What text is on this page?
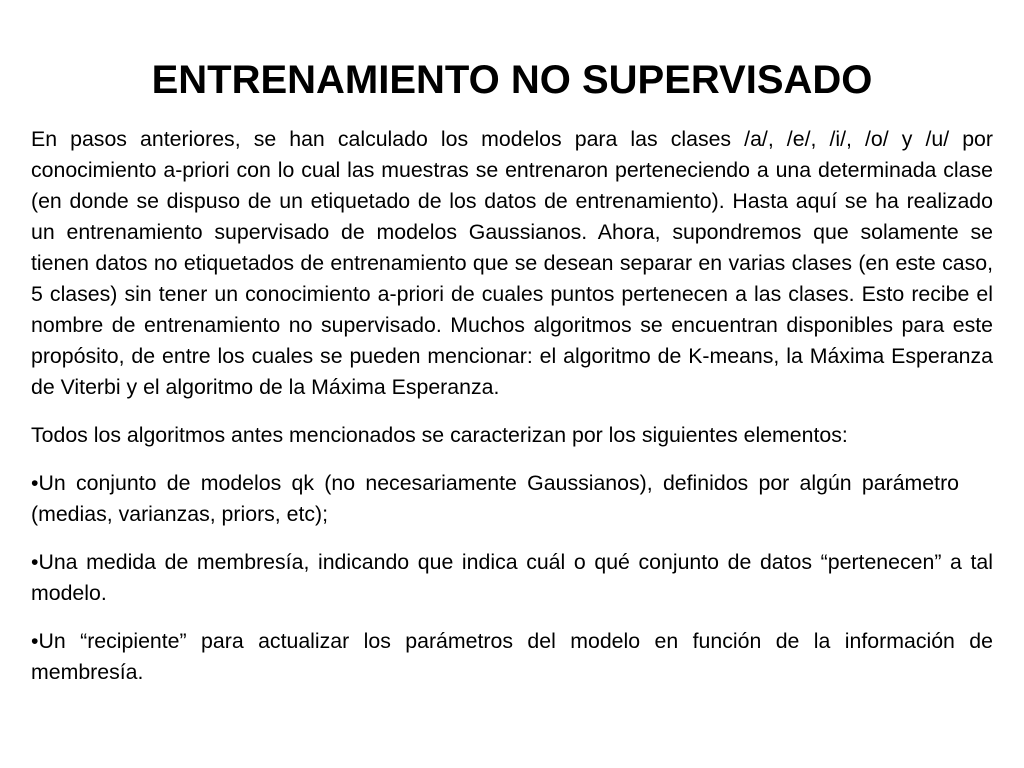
ENTRENAMIENTO NO SUPERVISADO

En pasos anteriores, se han calculado los modelos para las clases /a/, /e/, /i/, /o/ y /u/ por conocimiento a-priori con lo cual las muestras se entrenaron perteneciendo a una determinada clase (en donde se dispuso de un etiquetado de los datos de entrenamiento). Hasta aquí se ha realizado un entrenamiento supervisado de modelos Gaussianos. Ahora, supondremos que solamente se tienen datos no etiquetados de entrenamiento que se desean separar en varias clases (en este caso, 5 clases) sin tener un conocimiento a-priori de cuales puntos pertenecen a las clases. Esto recibe el nombre de entrenamiento no supervisado. Muchos algoritmos se encuentran disponibles para este propósito, de entre los cuales se pueden mencionar: el algoritmo de K-means, la Máxima Esperanza de Viterbi y el algoritmo de la Máxima Esperanza.

Todos los algoritmos antes mencionados se caracterizan por los siguientes elementos:

•Un conjunto de modelos qk (no necesariamente Gaussianos), definidos por algún parámetro(medias, varianzas, priors, etc);

•Una medida de membresía, indicando que indica cuál o qué conjunto de datos “pertenecen” a tal modelo.

•Un “recipiente” para actualizar los parámetros del modelo en función de la información de membresía.
